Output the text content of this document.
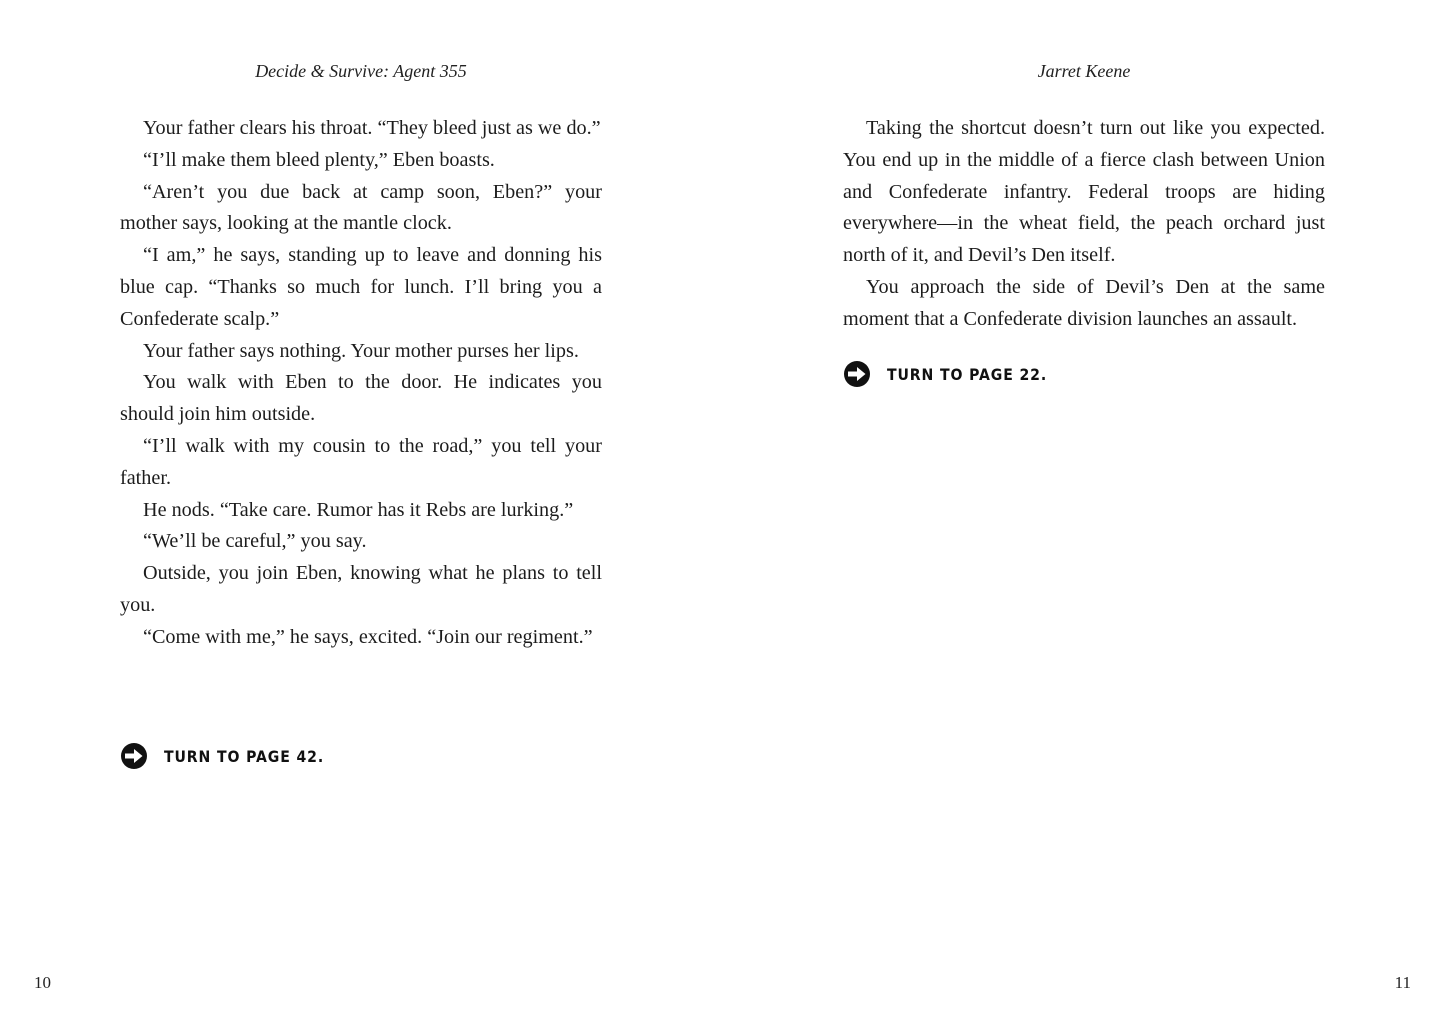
Decide & Survive: Agent 355

Your father clears his throat. “They bleed just as we do.”

“I’ll make them bleed plenty,” Eben boasts.

“Aren’t you due back at camp soon, Eben?” your mother says, looking at the mantle clock.

“I am,” he says, standing up to leave and donning his blue cap. “Thanks so much for lunch. I’ll bring you a Confederate scalp.”

Your father says nothing. Your mother purses her lips.

You walk with Eben to the door. He indicates you should join him outside.

“I’ll walk with my cousin to the road,” you tell your father.

He nods. “Take care. Rumor has it Rebs are lurking.”

“We’ll be careful,” you say.

Outside, you join Eben, knowing what he plans to tell you.

“Come with me,” he says, excited. “Join our regiment.”

TURN TO PAGE 42.
10
Jarret Keene

Taking the shortcut doesn’t turn out like you expected. You end up in the middle of a fierce clash between Union and Confederate infantry. Federal troops are hiding everywhere—in the wheat field, the peach orchard just north of it, and Devil’s Den itself.

You approach the side of Devil’s Den at the same moment that a Confederate division launches an assault.

TURN TO PAGE 22.
11
